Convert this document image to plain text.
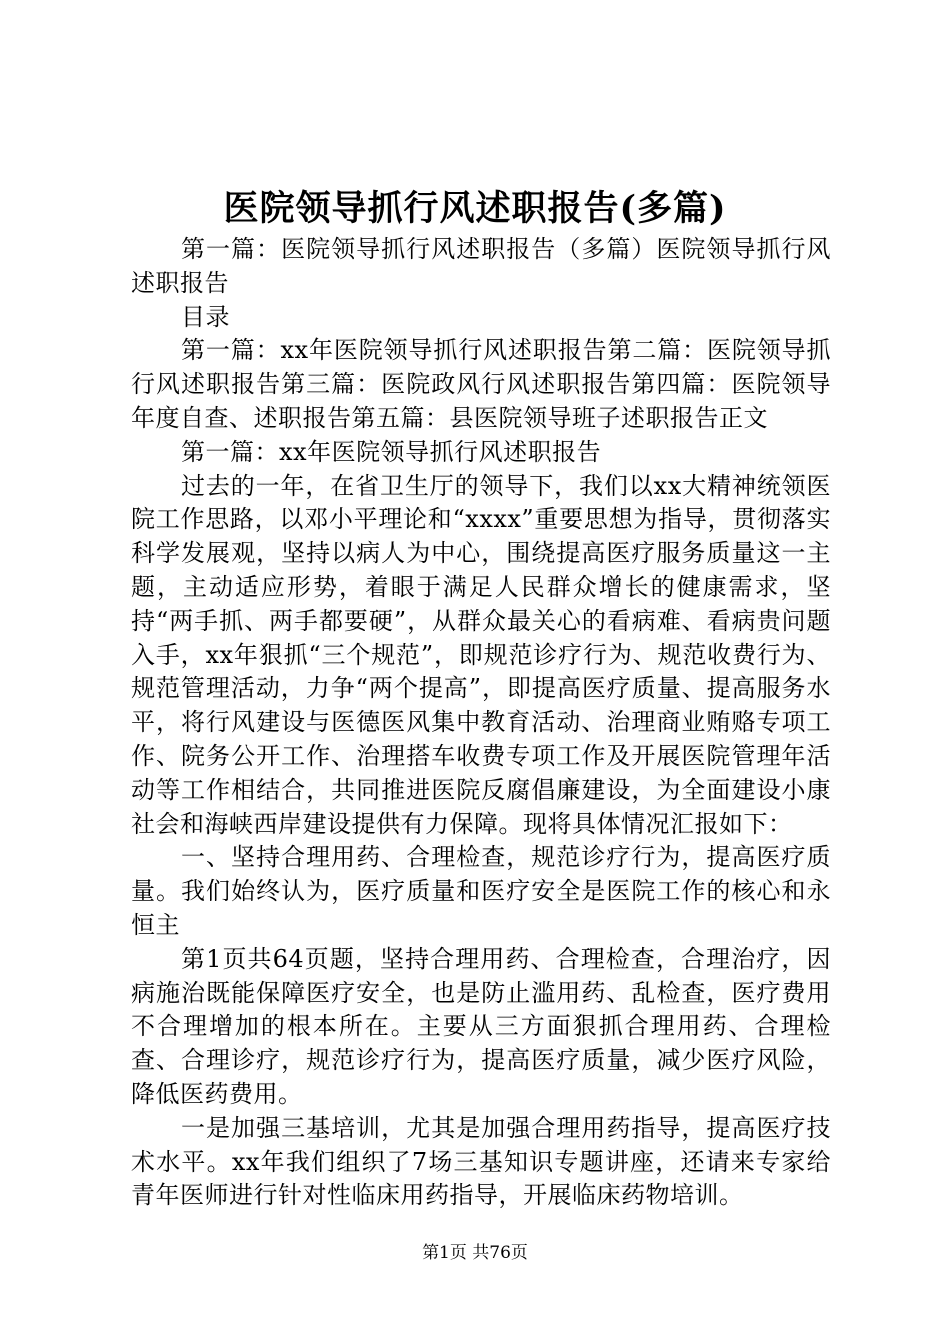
医院领导抓行风述职报告(多篇)

第一篇：医院领导抓行风述职报告（多篇）医院领导抓行风述职报告

目录

第一篇：xx年医院领导抓行风述职报告第二篇：医院领导抓行风述职报告第三篇：医院政风行风述职报告第四篇：医院领导年度自查、述职报告第五篇：县医院领导班子述职报告正文

第一篇：xx年医院领导抓行风述职报告

过去的一年，在省卫生厅的领导下，我们以xx大精神统领医院工作思路，以邓小平理论和“xxxx”重要思想为指导，贯彻落实科学发展观，坚持以病人为中心，围绕提高医疗服务质量这一主题，主动适应形势，着眼于满足人民群众增长的健康需求，坚持“两手抓、两手都要硬”，从群众最关心的看病难、看病贵问题入手，xx年狠抓“三个规范”，即规范诊疗行为、规范收费行为、规范管理活动，力争“两个提高”，即提高医疗质量、提高服务水平，将行风建设与医德医风集中教育活动、治理商业贿赂专项工作、院务公开工作、治理搭车收费专项工作及开展医院管理年活动等工作相结合，共同推进医院反腐倡廉建设，为全面建设小康社会和海峡西岸建设提供有力保障。现将具体情况汇报如下：

一、坚持合理用药、合理检查，规范诊疗行为，提高医疗质量。我们始终认为，医疗质量和医疗安全是医院工作的核心和永恒主

第1页共64页题，坚持合理用药、合理检查，合理治疗，因病施治既能保障医疗安全，也是防止滥用药、乱检查，医疗费用不合理增加的根本所在。主要从三方面狠抓合理用药、合理检查、合理诊疗，规范诊疗行为，提高医疗质量，减少医疗风险，降低医药费用。

一是加强三基培训，尤其是加强合理用药指导，提高医疗技术水平。xx年我们组织了7场三基知识专题讲座，还请来专家给青年医师进行针对性临床用药指导，开展临床药物培训。

第1页 共76页
